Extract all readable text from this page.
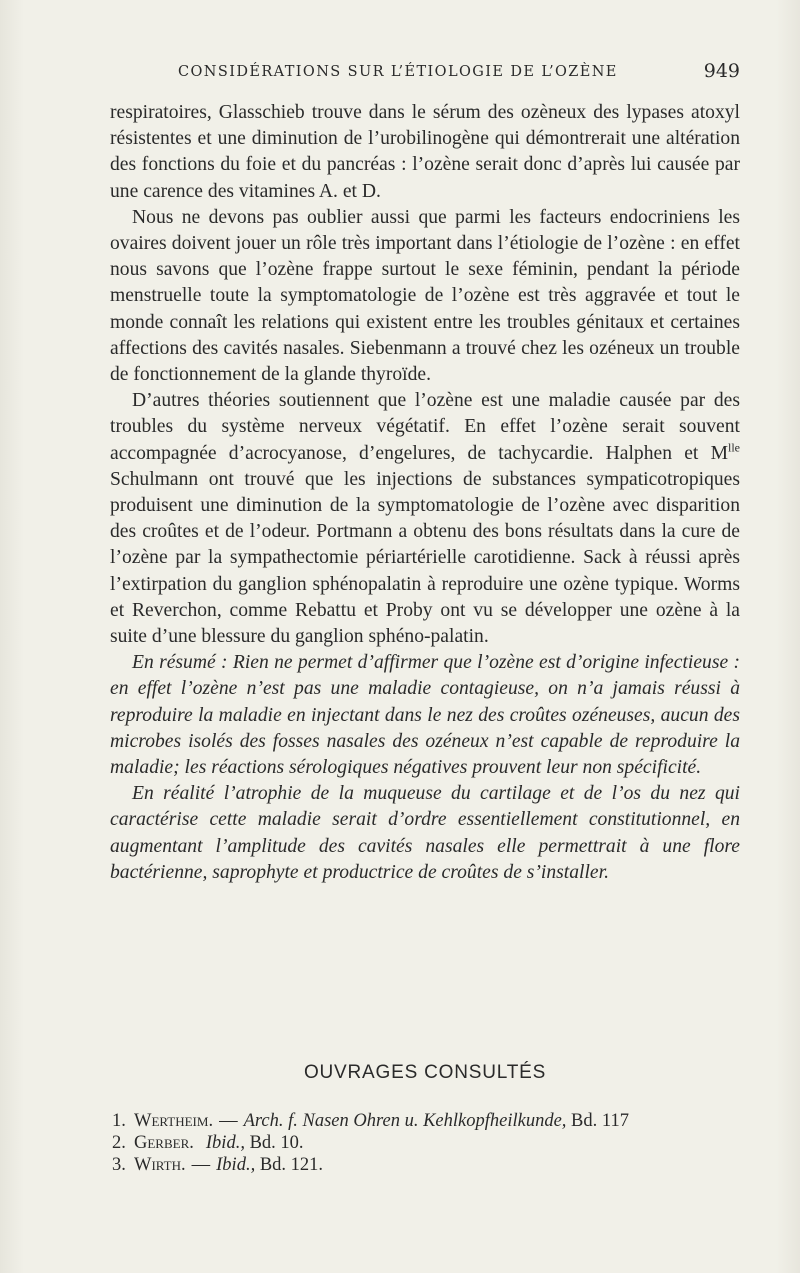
CONSIDÉRATIONS SUR L’ÉTIOLOGIE DE L’OZÈNE	949

respiratoires, Glasschieb trouve dans le sérum des ozèneux des lypases atoxyl résistentes et une diminution de l’urobilinogène qui démontrerait une altération des fonctions du foie et du pancréas : l’ozène serait donc d’après lui causée par une carence des vitamines A. et D.

Nous ne devons pas oublier aussi que parmi les facteurs endocriniens les ovaires doivent jouer un rôle très important dans l’étiologie de l’ozène : en effet nous savons que l’ozène frappe surtout le sexe féminin, pendant la période menstruelle toute la symptomatologie de l’ozène est très aggravée et tout le monde connaît les relations qui existent entre les troubles génitaux et certaines affections des cavités nasales. Siebenmann a trouvé chez les ozéneux un trouble de fonctionnement de la glande thyroïde.

D’autres théories soutiennent que l’ozène est une maladie causée par des troubles du système nerveux végétatif. En effet l’ozène serait souvent accompagnée d’acrocyanose, d’engelures, de tachycardie. Halphen et $M^{lle}$ Schulmann ont trouvé que les injections de substances sympaticotropiques produisent une diminution de la symptomatologie de l’ozène avec disparition des croûtes et de l’odeur. Portmann a obtenu des bons résultats dans la cure de l’ozène par la sympathectomie périartérielle carotidienne. Sack à réussi après l’extirpation du ganglion sphénopalatin à reproduire une ozène typique. Worms et Reverchon, comme Rebattu et Proby ont vu se développer une ozène à la suite d’une blessure du ganglion sphéno-palatin.

En résumé : Rien ne permet d’affirmer que l’ozène est d’origine infectieuse : en effet l’ozène n’est pas une maladie contagieuse, on n’a jamais réussi à reproduire la maladie en injectant dans le nez des croûtes ozéneuses, aucun des microbes isolés des fosses nasales des ozéneux n’est capable de reproduire la maladie; les réactions sérologiques négatives prouvent leur non spécificité.

En réalité l’atrophie de la muqueuse du cartilage et de l’os du nez qui caractérise cette maladie serait d’ordre essentiellement constitutionnel, en augmentant l’amplitude des cavités nasales elle permettrait à une flore bactérienne, saprophyte et productrice de croûtes de s’installer.

OUVRAGES CONSULTÉS
1. Wertheim. — Arch. f. Nasen Ohren u. Kehlkopfheilkunde, Bd. 117
2. Gerber. Ibid., Bd. 10.
3. Wirth. — Ibid., Bd. 121.
